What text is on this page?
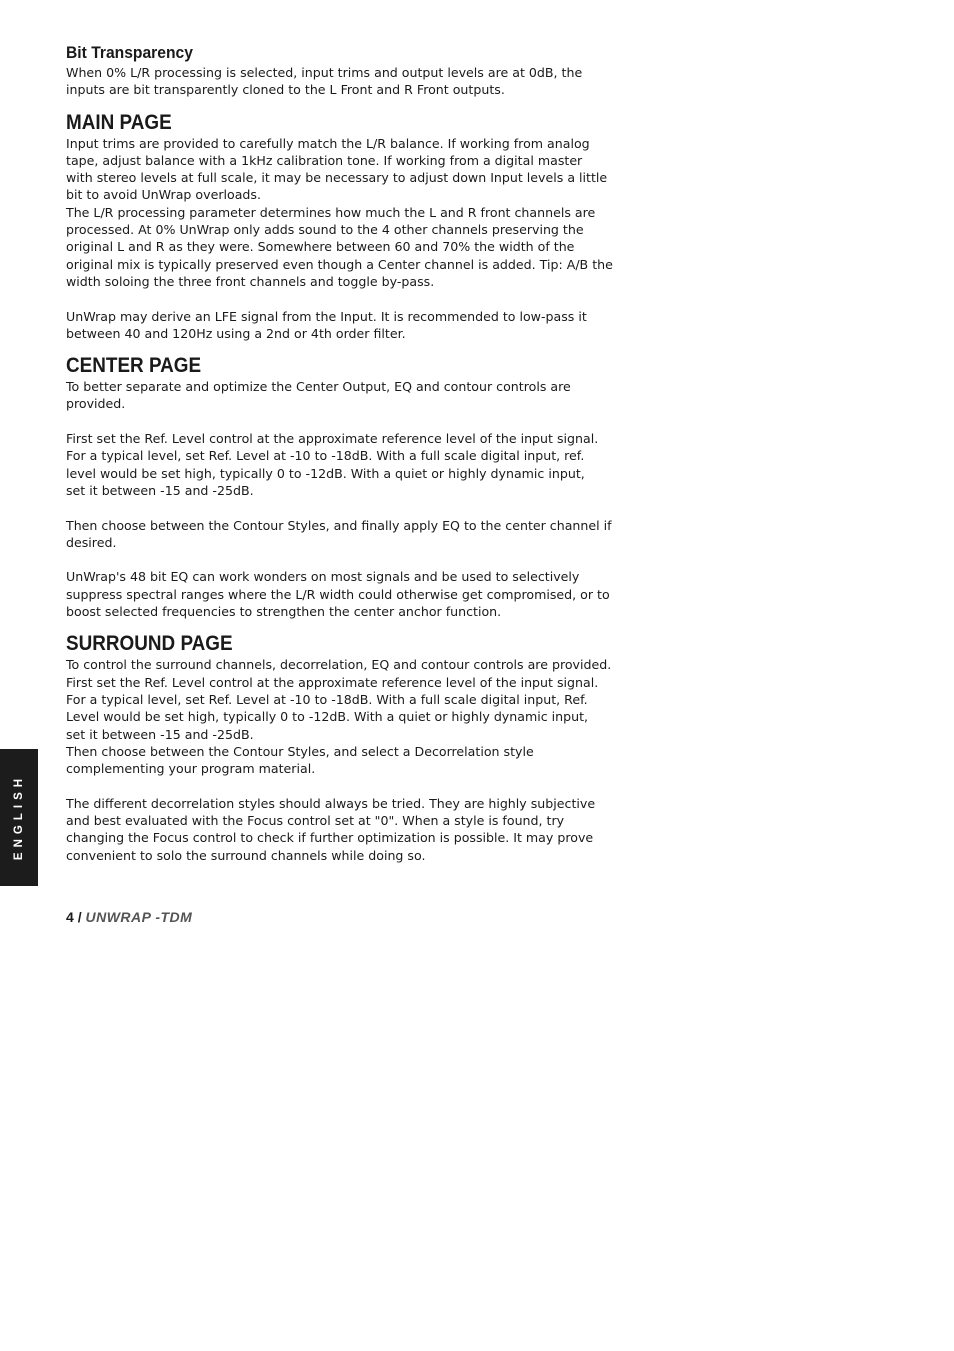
Bit Transparency

When 0% L/R processing is selected, input trims and output levels are at 0dB, the

inputs are bit transparently cloned to the L Front and R Front outputs.

MAIN PAGE

Input trims are provided to carefully match the L/R balance. If working from analog

tape, adjust balance with a 1kHz calibration tone. If working from a digital master

with stereo levels at full scale, it may be necessary to adjust down Input levels a little

bit to avoid UnWrap overloads.

The L/R processing parameter determines how much the L and R front channels are

processed. At 0% UnWrap only adds sound to the 4 other channels preserving the

original L and R as they were. Somewhere between 60 and 70% the width of the

original mix is typically preserved even though a Center channel is added. Tip: A/B the

width soloing the three front channels and toggle by-pass.

UnWrap may derive an LFE signal from the Input. It is recommended to low-pass it

between 40 and 120Hz using a 2nd or 4th order filter.

CENTER PAGE

To better separate and optimize the Center Output, EQ and contour controls are

provided.

First set the Ref. Level control at the approximate reference level of the input signal.

For a typical level, set Ref. Level at -10 to -18dB. With a full scale digital input, ref.

level would be set high, typically 0 to -12dB. With a quiet or highly dynamic input,

set it between -15 and -25dB.

Then choose between the Contour Styles, and finally apply EQ to the center channel if

desired.

UnWrap's 48 bit EQ can work wonders on most signals and be used to selectively

suppress spectral ranges where the L/R width could otherwise get compromised, or to

boost selected frequencies to strengthen the center anchor function.

SURROUND PAGE

To control the surround channels, decorrelation, EQ and contour controls are provided.

First set the Ref. Level control at the approximate reference level of the input signal.

For a typical level, set Ref. Level at -10 to -18dB. With a full scale digital input, Ref.

Level would be set high, typically 0 to -12dB. With a quiet or highly dynamic input,

set it between -15 and -25dB.

Then choose between the Contour Styles, and select a Decorrelation style

complementing your program material.

The different decorrelation styles should always be tried. They are highly subjective

and best evaluated with the Focus control set at "0". When a style is found, try

changing the Focus control to check if further optimization is possible. It may prove

convenient to solo the surround channels while doing so.

ENGLISH
4 / UNWRAP -TDM
